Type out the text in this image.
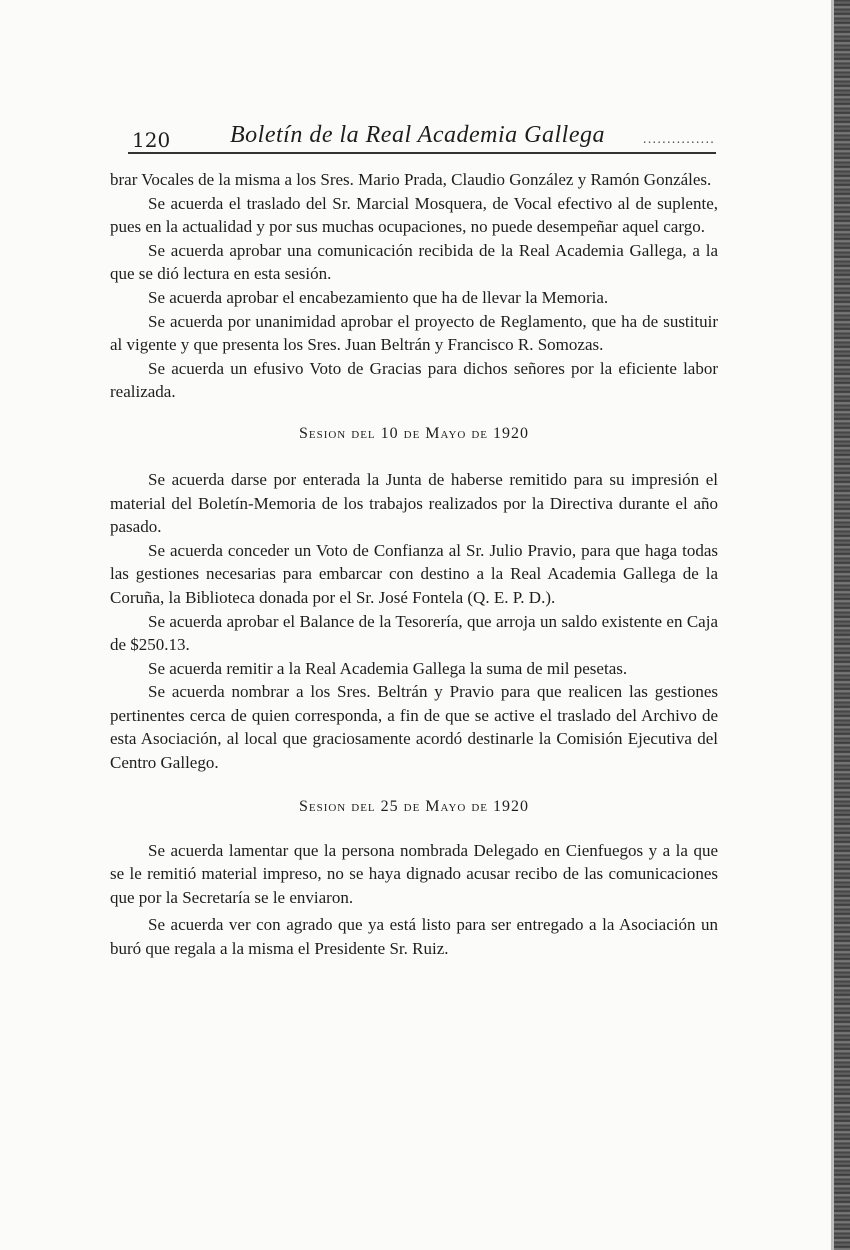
120 Boletín de la Real Academia Gallega	...............

brar Vocales de la misma a los Sres. Mario Prada, Claudio González y Ramón Gonzáles.

Se acuerda el traslado del Sr. Marcial Mosquera, de Vocal efectivo al de suplente, pues en la actualidad y por sus muchas ocupaciones, no puede desempeñar aquel cargo.

Se acuerda aprobar una comunicación recibida de la Real Academia Gallega, a la que se dió lectura en esta sesión.

Se acuerda aprobar el encabezamiento que ha de llevar la Memoria.

Se acuerda por unanimidad aprobar el proyecto de Reglamento, que ha de sustituir al vigente y que presenta los Sres. Juan Beltrán y Francisco R. Somozas.

Se acuerda un efusivo Voto de Gracias para dichos señores por la eficiente labor realizada.

Sesion del 10 de Mayo de 1920

Se acuerda darse por enterada la Junta de haberse remitido para su impresión el material del Boletín-Memoria de los trabajos realizados por la Directiva durante el año pasado.

Se acuerda conceder un Voto de Confianza al Sr. Julio Pravio, para que haga todas las gestiones necesarias para embarcar con destino a la Real Academia Gallega de la Coruña, la Biblioteca donada por el Sr. José Fontela (Q. E. P. D.).

Se acuerda aprobar el Balance de la Tesorería, que arroja un saldo existente en Caja de $250.13.

Se acuerda remitir a la Real Academia Gallega la suma de mil pesetas.

Se acuerda nombrar a los Sres. Beltrán y Pravio para que realicen las gestiones pertinentes cerca de quien corresponda, a fin de que se active el traslado del Archivo de esta Asociación, al local que graciosamente acordó destinarle la Comisión Ejecutiva del Centro Gallego.

Sesion del 25 de Mayo de 1920

Se acuerda lamentar que la persona nombrada Delegado en Cienfuegos y a la que se le remitió material impreso, no se haya dignado acusar recibo de las comunicaciones que por la Secretaría se le enviaron.

Se acuerda ver con agrado que ya está listo para ser entregado a la Asociación un buró que regala a la misma el Presidente Sr. Ruiz.
